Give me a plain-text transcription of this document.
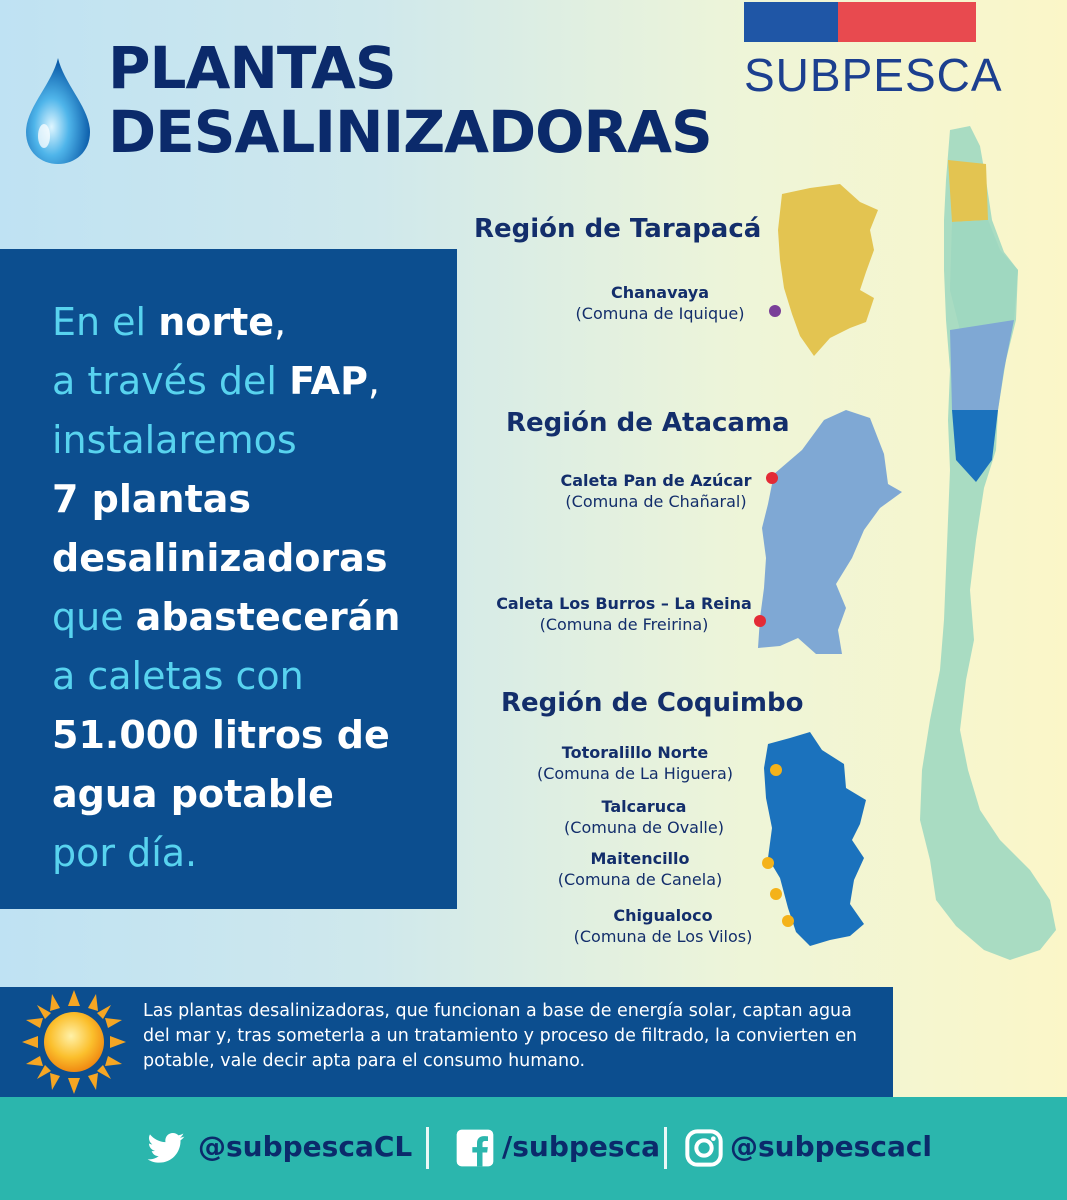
PLANTAS
DESALINIZADORAS
SUBPESCA

En el norte,

a través del FAP,

instalaremos

7 plantas

desalinizadoras

que abastecerán

a caletas con

51.000 litros de

agua potable

por día.

Región de Tarapacá
Chanavaya
(Comuna de Iquique)
Región de Atacama
Caleta Pan de Azúcar
(Comuna de Chañaral)
Caleta Los Burros – La Reina
(Comuna de Freirina)
Región de Coquimbo
Totoralillo Norte
(Comuna de La Higuera)
Talcaruca
(Comuna de Ovalle)
Maitencillo
(Comuna de Canela)
Chigualoco
(Comuna de Los Vilos)
Las plantas desalinizadoras, que funcionan a base de energía solar, captan agua del mar y, tras someterla a un tratamiento y proceso de filtrado, la convierten en potable, vale decir apta para el consumo humano.
@subpescaCL	/subpesca @subpescacl
